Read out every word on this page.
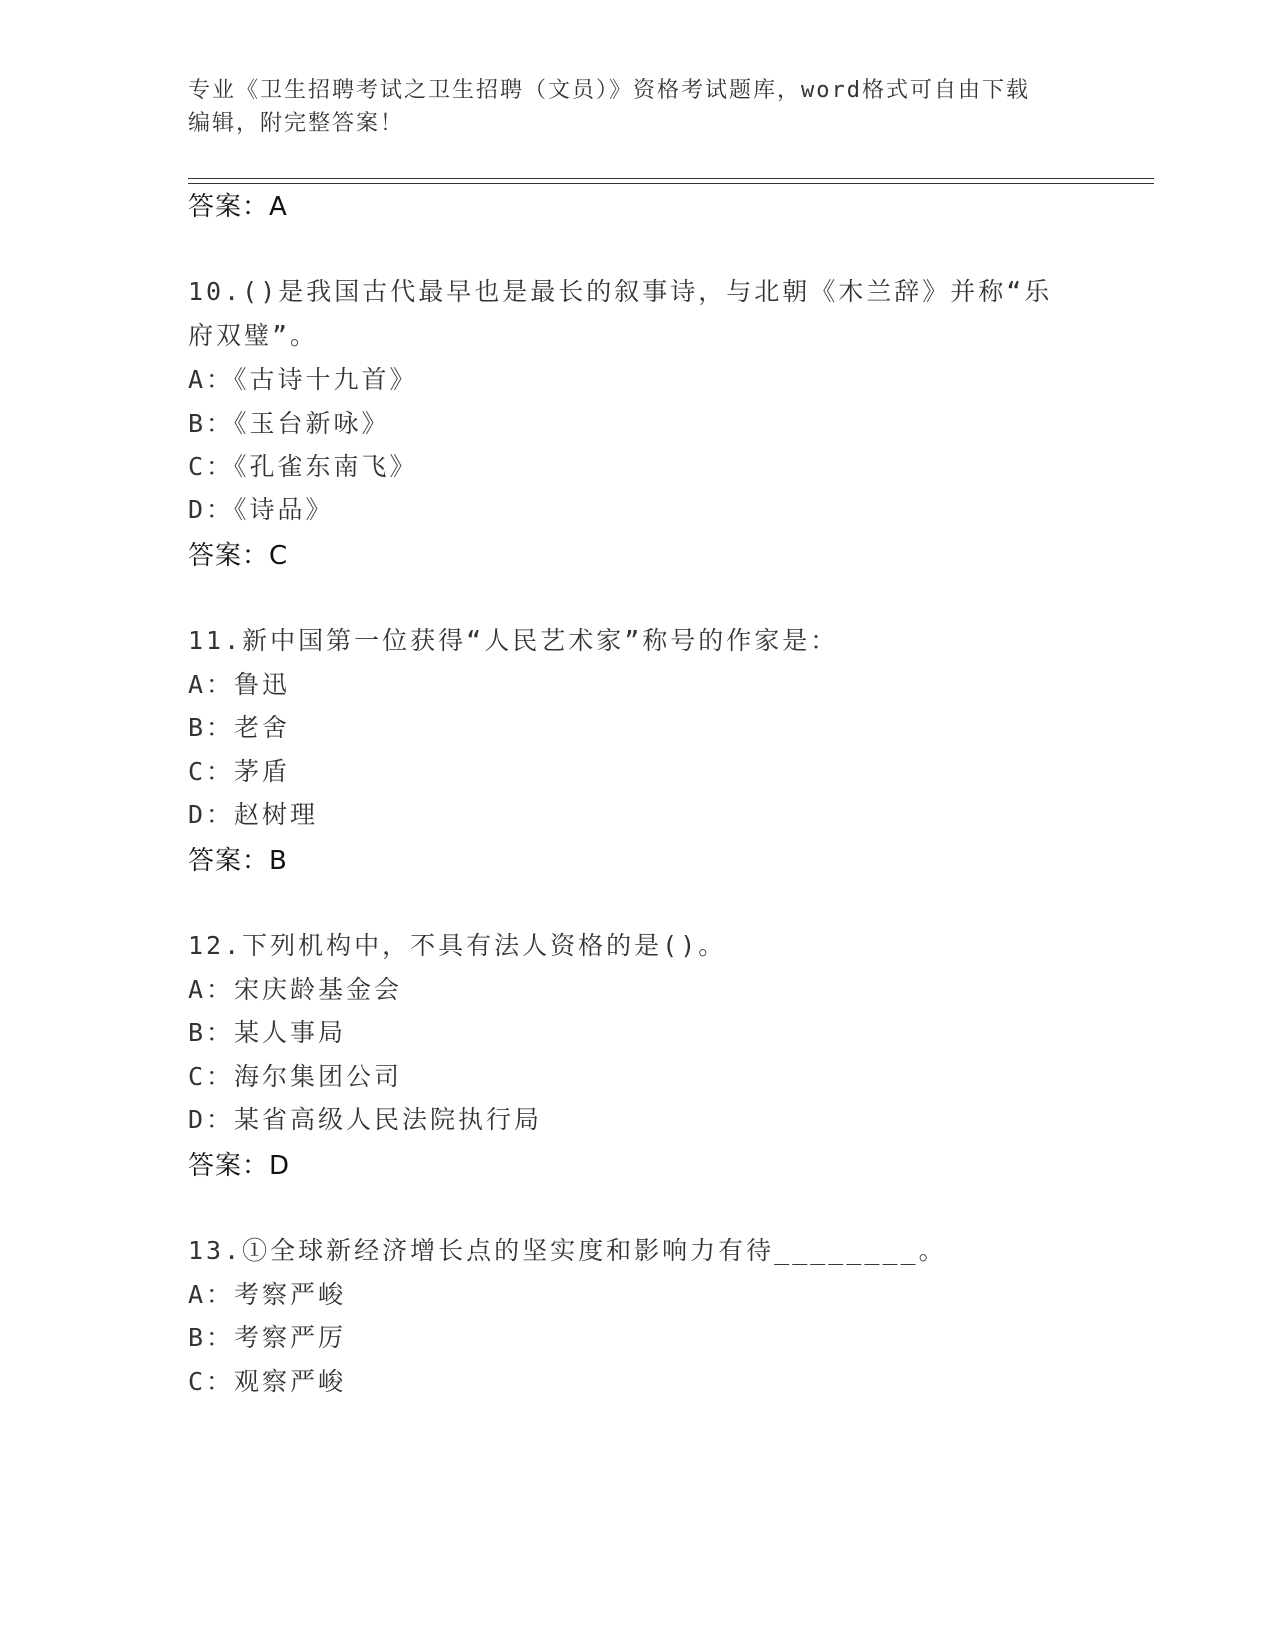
专业《卫生招聘考试之卫生招聘（文员）》资格考试题库，word格式可自由下载
编辑，附完整答案！
答案：A
10.()是我国古代最早也是最长的叙事诗，与北朝《木兰辞》并称“乐
府双璧”。
A：《古诗十九首》
B：《玉台新咏》
C：《孔雀东南飞》
D：《诗品》
答案：C
11.新中国第一位获得“人民艺术家”称号的作家是：
A：鲁迅
B：老舍
C：茅盾
D：赵树理
答案：B
12.下列机构中，不具有法人资格的是()。
A：宋庆龄基金会
B：某人事局
C：海尔集团公司
D：某省高级人民法院执行局
答案：D
13.①全球新经济增长点的坚实度和影响力有待________。
A：考察严峻
B：考察严厉
C：观察严峻
